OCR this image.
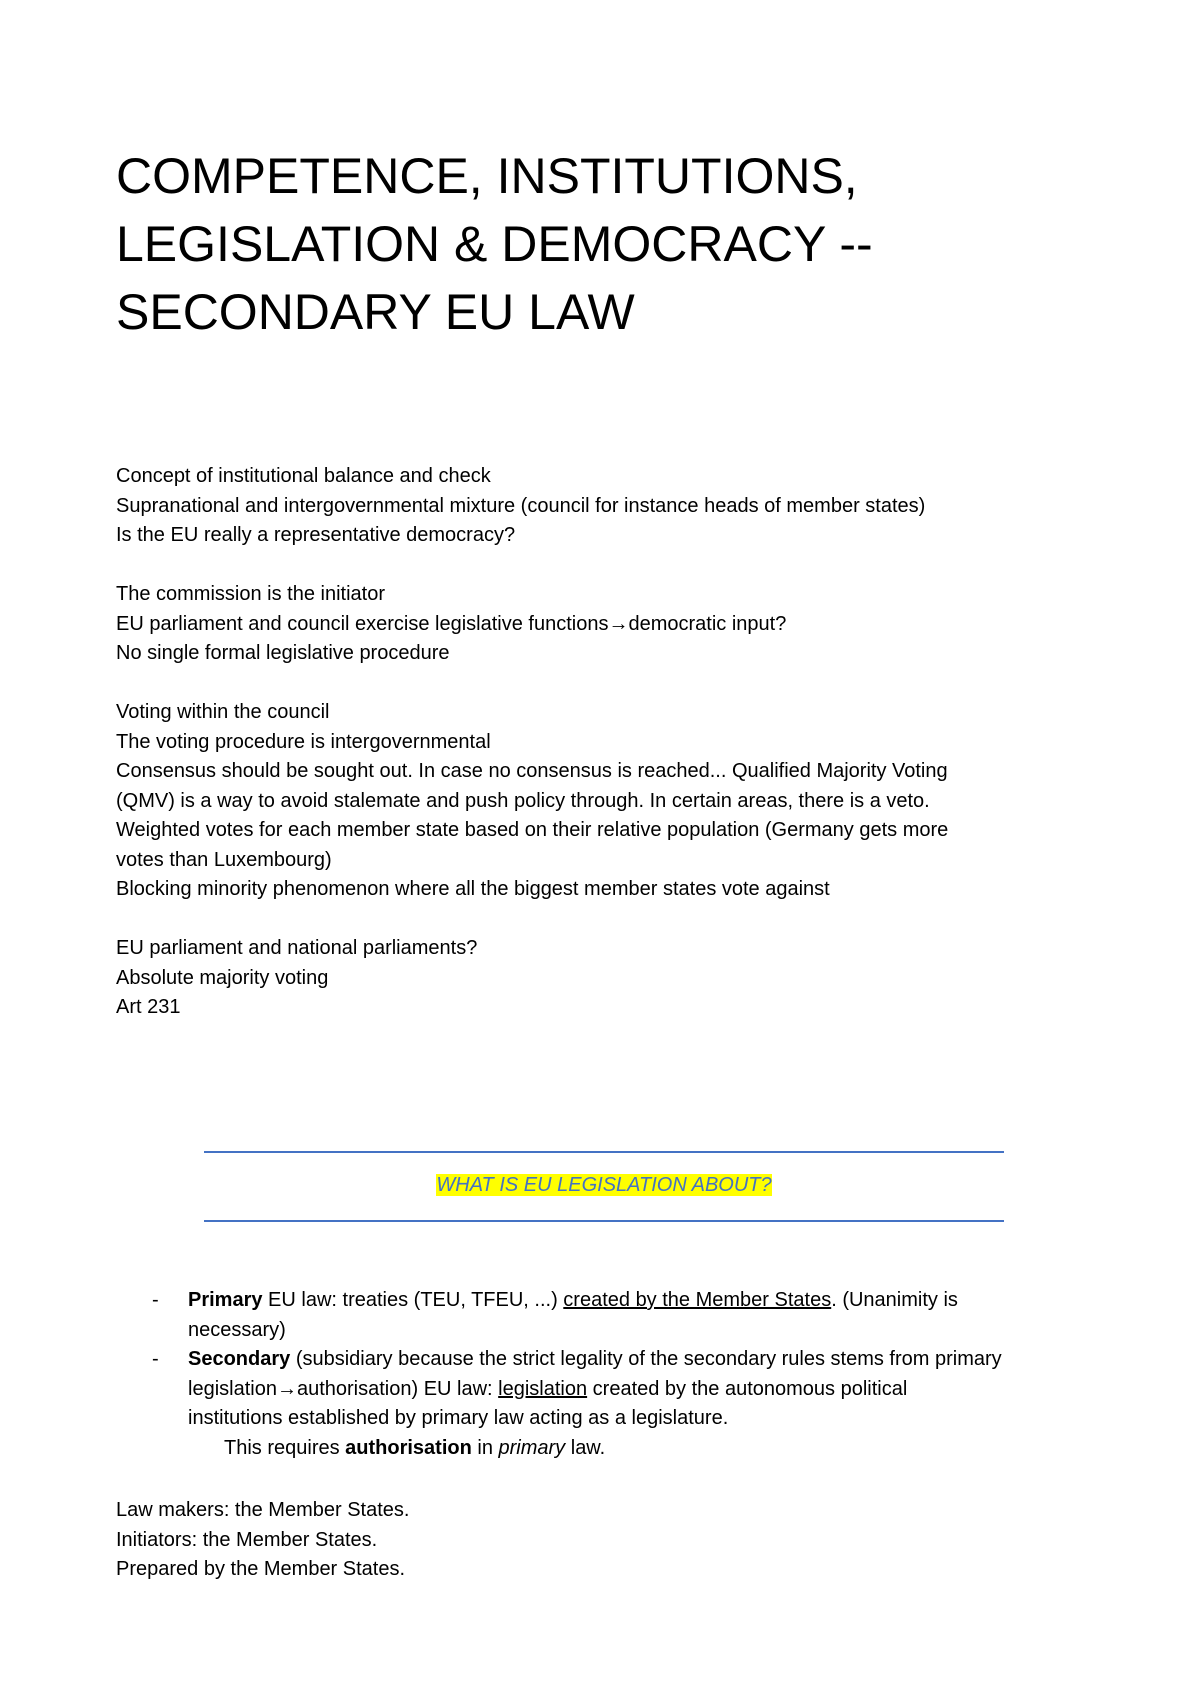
COMPETENCE, INSTITUTIONS,
LEGISLATION & DEMOCRACY --
SECONDARY EU LAW
Concept of institutional balance and check
Supranational and intergovernmental mixture (council for instance heads of member states)
Is the EU really a representative democracy?
The commission is the initiator
EU parliament and council exercise legislative functions→democratic input?
No single formal legislative procedure
Voting within the council
The voting procedure is intergovernmental
Consensus should be sought out. In case no consensus is reached... Qualified Majority Voting
(QMV) is a way to avoid stalemate and push policy through. In certain areas, there is a veto.
Weighted votes for each member state based on their relative population (Germany gets more
votes than Luxembourg)
Blocking minority phenomenon where all the biggest member states vote against
EU parliament and national parliaments?
Absolute majority voting
Art 231
WHAT IS EU LEGISLATION ABOUT?
- Primary EU law: treaties (TEU, TFEU, ...) created by the Member States. (Unanimity is
necessary)
- Secondary (subsidiary because the strict legality of the secondary rules stems from primary
legislation→authorisation) EU law: legislation created by the autonomous political
institutions established by primary law acting as a legislature.
This requires authorisation in primary law.
Law makers: the Member States.
Initiators: the Member States.
Prepared by the Member States.
